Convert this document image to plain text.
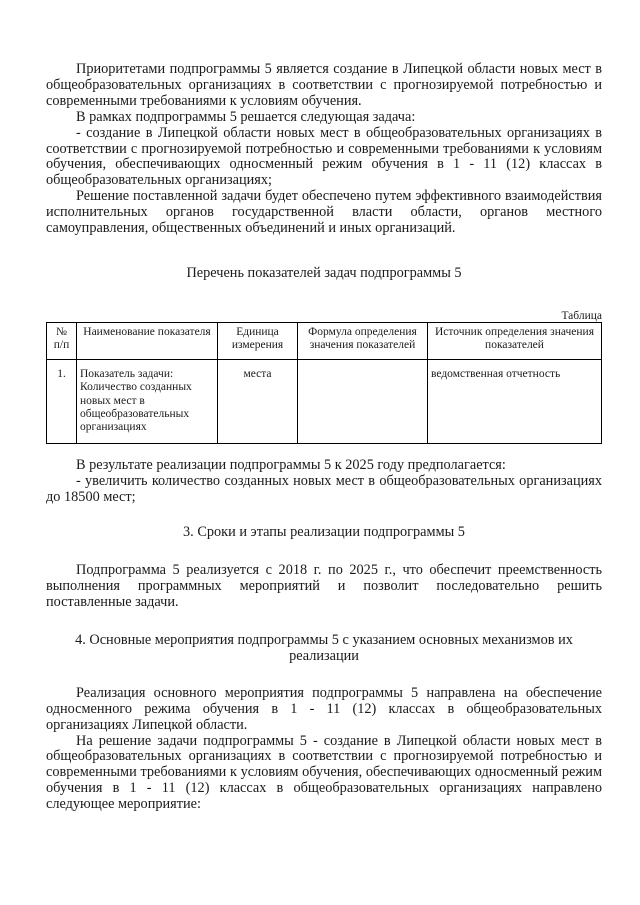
Приоритетами подпрограммы 5 является создание в Липецкой области новых мест в общеобразовательных организациях в соответствии с прогнозируемой потребностью и современными требованиями к условиям обучения.

В рамках подпрограммы 5 решается следующая задача:

- создание в Липецкой области новых мест в общеобразовательных организациях в соответствии с прогнозируемой потребностью и современными требованиями к условиям обучения, обеспечивающих односменный режим обучения в 1 - 11 (12) классах в общеобразовательных организациях;

Решение поставленной задачи будет обеспечено путем эффективного взаимодействия исполнительных органов государственной власти области, органов местного самоуправления, общественных объединений и иных организаций.

Перечень показателей задач подпрограммы 5

Таблица

№ п/п	Наименование показателя	Единица измерения	Формула определения значения показателей	Источник определения значения показателей
1.	Показатель задачи: Количество созданных новых мест в общеобразовательных организациях	места		ведомственная отчетность

В результате реализации подпрограммы 5 к 2025 году предполагается:

- увеличить количество созданных новых мест в общеобразовательных организациях до 18500 мест;

3. Сроки и этапы реализации подпрограммы 5

Подпрограмма 5 реализуется с 2018 г. по 2025 г., что обеспечит преемственность выполнения программных мероприятий и позволит последовательно решить поставленные задачи.

4. Основные мероприятия подпрограммы 5 с указанием основных механизмов их реализации

Реализация основного мероприятия подпрограммы 5 направлена на обеспечение односменного режима обучения в 1 - 11 (12) классах в общеобразовательных организациях Липецкой области.

На решение задачи подпрограммы 5 - создание в Липецкой области новых мест в общеобразовательных организациях в соответствии с прогнозируемой потребностью и современными требованиями к условиям обучения, обеспечивающих односменный режим обучения в 1 - 11 (12) классах в общеобразовательных организациях направлено следующее мероприятие:
